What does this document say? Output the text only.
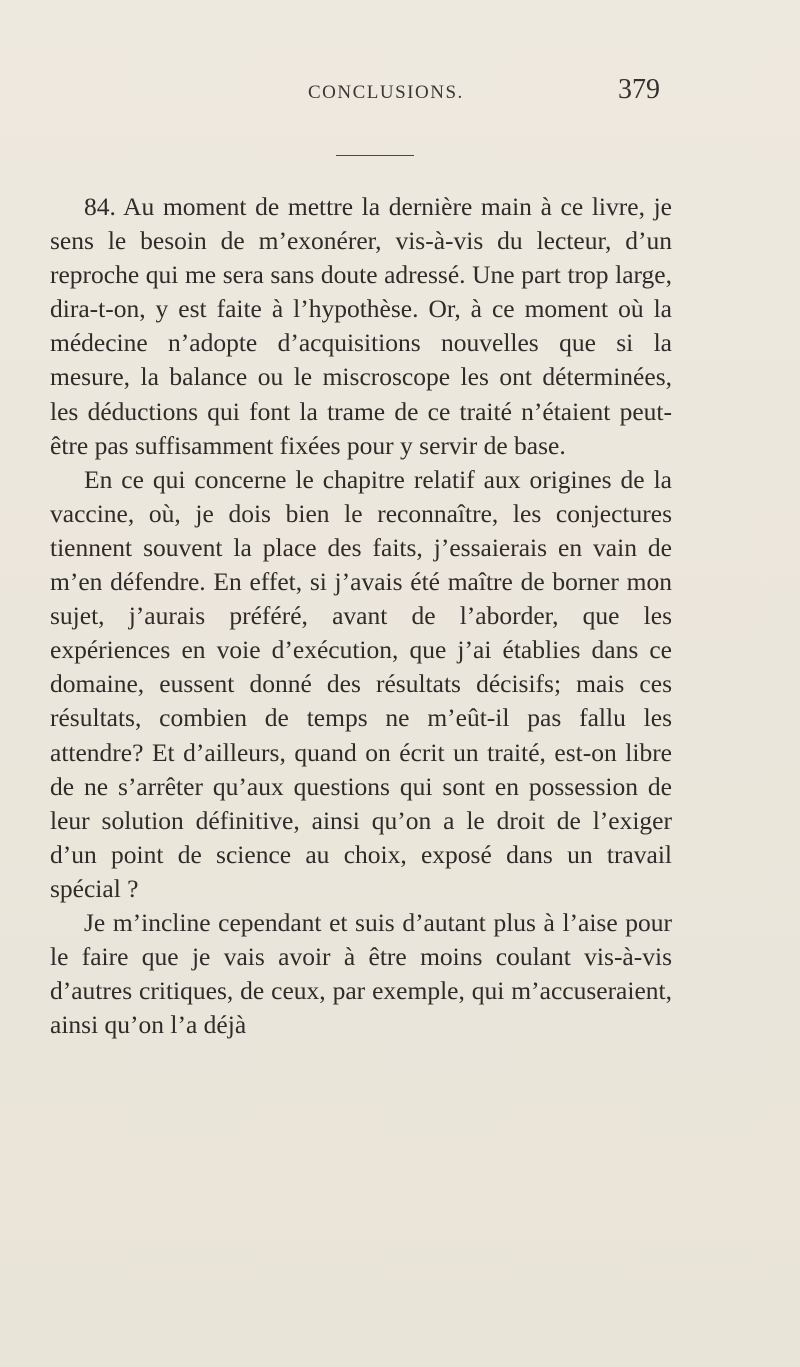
CONCLUSIONS.	379

84. Au moment de mettre la dernière main à ce livre, je sens le besoin de m’exonérer, vis-à-vis du lecteur, d’un reproche qui me sera sans doute adressé. Une part trop large, dira-t-on, y est faite à l’hypothèse. Or, à ce moment où la médecine n’adopte d’acquisitions nouvelles que si la mesure, la balance ou le miscroscope les ont déterminées, les déductions qui font la trame de ce traité n’étaient peut-être pas suffisamment fixées pour y servir de base.

En ce qui concerne le chapitre relatif aux origines de la vaccine, où, je dois bien le reconnaître, les conjectures tiennent souvent la place des faits, j’essaierais en vain de m’en défendre. En effet, si j’avais été maître de borner mon sujet, j’aurais préféré, avant de l’aborder, que les expériences en voie d’exécution, que j’ai établies dans ce domaine, eussent donné des résultats décisifs; mais ces résultats, combien de temps ne m’eût-il pas fallu les attendre? Et d’ailleurs, quand on écrit un traité, est-on libre de ne s’arrêter qu’aux questions qui sont en possession de leur solution définitive, ainsi qu’on a le droit de l’exiger d’un point de science au choix, exposé dans un travail spécial ?

Je m’incline cependant et suis d’autant plus à l’aise pour le faire que je vais avoir à être moins coulant vis-à-vis d’autres critiques, de ceux, par exemple, qui m’accuseraient, ainsi qu’on l’a déjà
